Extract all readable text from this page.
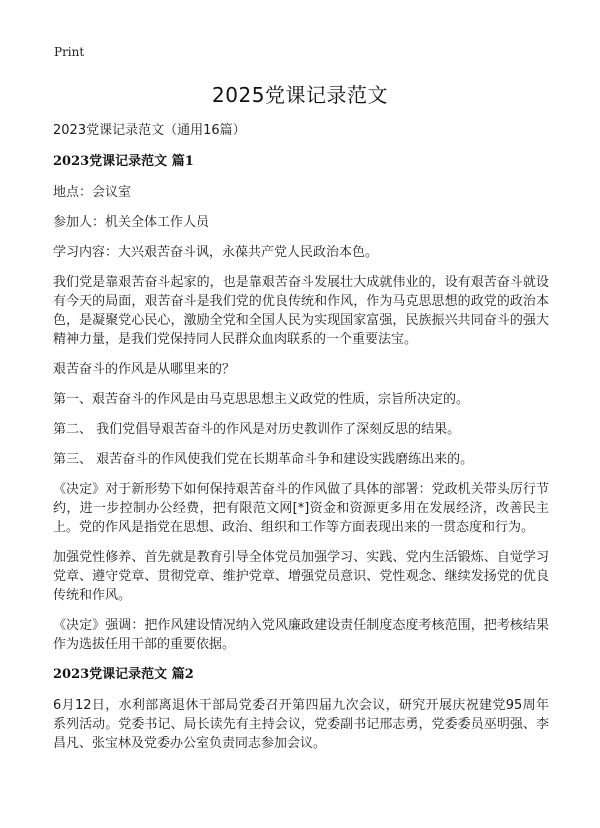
Print
2025党课记录范文

2023党课记录范文（通用16篇）

2023党课记录范文 篇1

地点：会议室

参加人：机关全体工作人员

学习内容：大兴艰苦奋斗讽，永葆共产党人民政治本色。

我们党是靠艰苦奋斗起家的，也是靠艰苦奋斗发展壮大成就伟业的，设有艰苦奋斗就设有今天的局面，艰苦奋斗是我们党的优良传统和作风，作为马克思思想的政党的政治本色，是凝聚党心民心，激励全党和全国人民为实现国家富强，民族振兴共同奋斗的强大精神力量，是我们党保持同人民群众血肉联系的一个重要法宝。

艰苦奋斗的作风是从哪里来的？

第一、艰苦奋斗的作风是由马克思思想主义政党的性质，宗旨所决定的。

第二、 我们党倡导艰苦奋斗的作风是对历史教训作了深刻反思的结果。

第三、 艰苦奋斗的作风使我们党在长期革命斗争和建设实践磨练出来的。

《决定》对于新形势下如何保持艰苦奋斗的作风做了具体的部署：党政机关带头厉行节约，进一步控制办公经费，把有限范文网[*]资金和资源更多用在发展经济，改善民主上。党的作风是指党在思想、政治、组织和工作等方面表现出来的一贯态度和行为。

加强党性修养、首先就是教育引导全体党员加强学习、实践、党内生活锻炼、自觉学习党章、遵守党章、贯彻党章、维护党章、增强党员意识、党性观念、继续发扬党的优良传统和作风。

《决定》强调：把作风建设情况纳入党风廉政建设责任制度态度考核范围，把考核结果作为选拔任用干部的重要依据。

2023党课记录范文 篇2

6月12日，水利部离退休干部局党委召开第四届九次会议，研究开展庆祝建党95周年系列活动。党委书记、局长读先有主持会议，党委副书记邢志勇，党委委员巫明强、李昌凡、张宝林及党委办公室负责同志参加会议。
